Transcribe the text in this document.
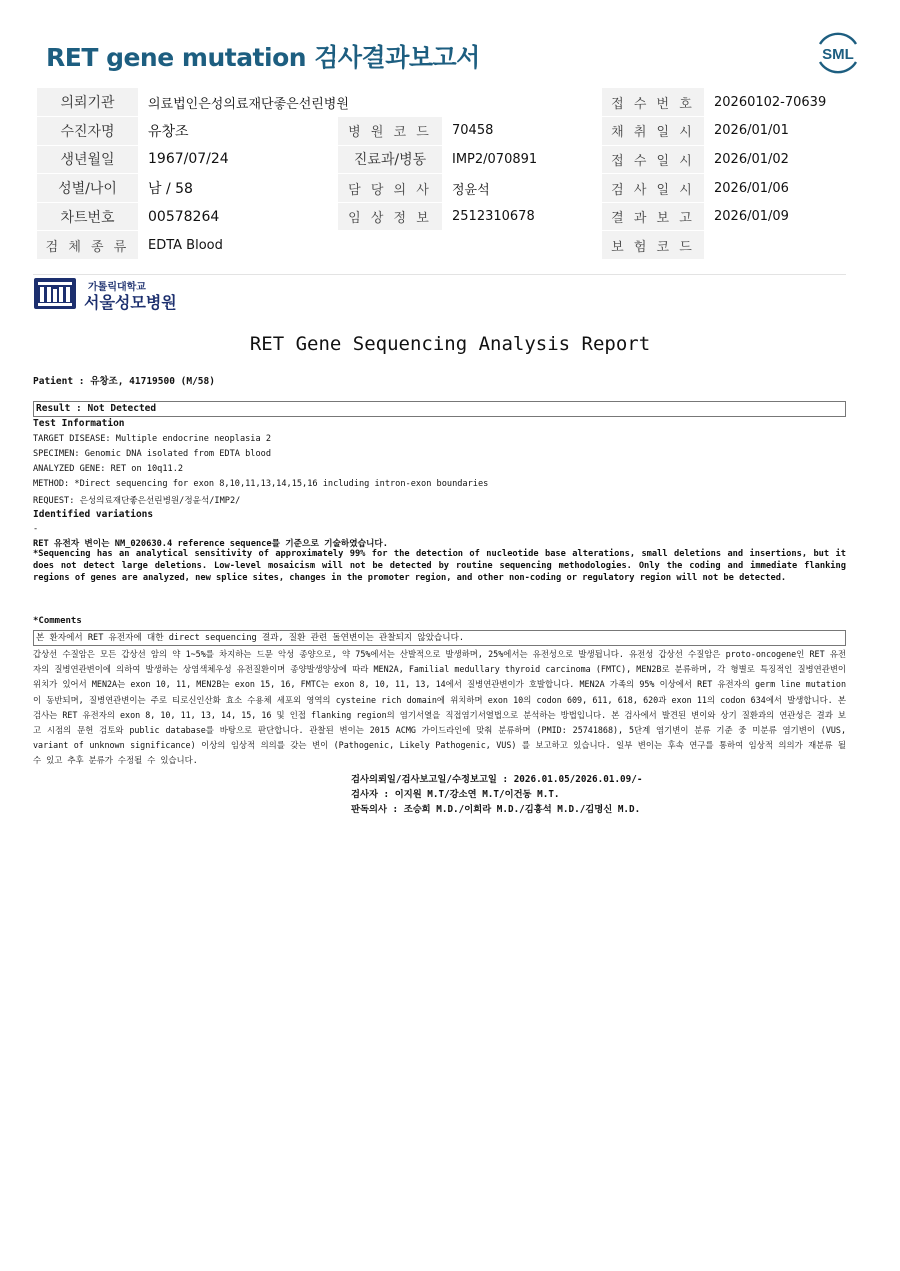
RET gene mutation 검사결과보고서	SML
의뢰기관	의료법인은성의료재단좋은선린병원			접 수 번 호	20260102-70639
수진자명	유창조	병 원 코 드	70458	채 취 일 시	2026/01/01
생년월일	1967/07/24	진료과/병동	IMP2/070891	접 수 일 시	2026/01/02
성별/나이	남 / 58	담 당 의 사	정윤석	검 사 일 시	2026/01/06
차트번호	00578264	임 상 정 보	2512310678	결 과 보 고	2026/01/09
검 체 종 류	EDTA Blood			보 험 코 드	
가톨릭대학교
서울성모병원
RET Gene Sequencing Analysis Report
Patient : 유창조, 41719500 (M/58)
Result : Not Detected
Test Information
TARGET DISEASE: Multiple endocrine neoplasia 2
SPECIMEN: Genomic DNA isolated from EDTA blood
ANALYZED GENE: RET on 10q11.2
METHOD: *Direct sequencing for exon 8,10,11,13,14,15,16 including intron-exon boundaries
REQUEST: 은성의료재단좋은선린병원/정윤석/IMP2/
Identified variations
-
RET 유전자 변이는 NM_020630.4 reference sequence를 기준으로 기술하였습니다.
*Sequencing has an analytical sensitivity of approximately 99% for the detection of nucleotide base alterations, small deletions and insertions, but it does not detect large deletions. Low-level mosaicism will not be detected by routine sequencing methodologies. Only the coding and immediate flanking regions of genes are analyzed, new splice sites, changes in the promoter region, and other non-coding or regulatory region will not be detected.
*Comments
본 환자에서 RET 유전자에 대한 direct sequencing 결과, 질환 관련 돌연변이는 관찰되지 않았습니다.
갑상선 수질암은 모든 갑상선 암의 약 1~5%를 차지하는 드문 악성 종양으로, 약 75%에서는 산발적으로 발생하며, 25%에서는 유전성으로 발생됩니다. 유전성 갑상선 수질암은 proto-oncogene인 RET 유전자의 질병연관변이에 의하여 발생하는 상염색체우성 유전질환이며 종양발생양상에 따라 MEN2A, Familial medullary thyroid carcinoma (FMTC), MEN2B로 분류하며, 각 형별로 특징적인 질병연관변이 위치가 있어서 MEN2A는 exon 10, 11, MEN2B는 exon 15, 16, FMTC는 exon 8, 10, 11, 13, 14에서 질병연관변이가 호발합니다. MEN2A 가족의 95% 이상에서 RET 유전자의 germ line mutation이 동반되며, 질병연관변이는 주로 티로신인산화 효소 수용체 세포외 영역의 cysteine rich domain에 위치하며 exon 10의 codon 609, 611, 618, 620과 exon 11의 codon 634에서 발생합니다. 본 검사는 RET 유전자의 exon 8, 10, 11, 13, 14, 15, 16 및 인접 flanking region의 염기서열을 직접염기서열법으로 분석하는 방법입니다. 본 검사에서 발견된 변이와 상기 질환과의 연관성은 결과 보고 시점의 문헌 검토와 public database를 바탕으로 판단합니다. 관찰된 변이는 2015 ACMG 가이드라인에 맞춰 분류하며 (PMID: 25741868), 5단계 염기변이 분류 기준 중 미분류 염기변이 (VUS, variant of unknown significance) 이상의 임상적 의의를 갖는 변이 (Pathogenic, Likely Pathogenic, VUS) 를 보고하고 있습니다. 일부 변이는 후속 연구를 통하여 임상적 의의가 재분류 될 수 있고 추후 분류가 수정될 수 있습니다.
검사의뢰일/검사보고일/수정보고일 : 2026.01.05/2026.01.09/-
검사자 : 이지원 M.T/강소연 M.T/이건동 M.T.
판독의사 : 조승희 M.D./이희라 M.D./김홍석 M.D./김명신 M.D.
